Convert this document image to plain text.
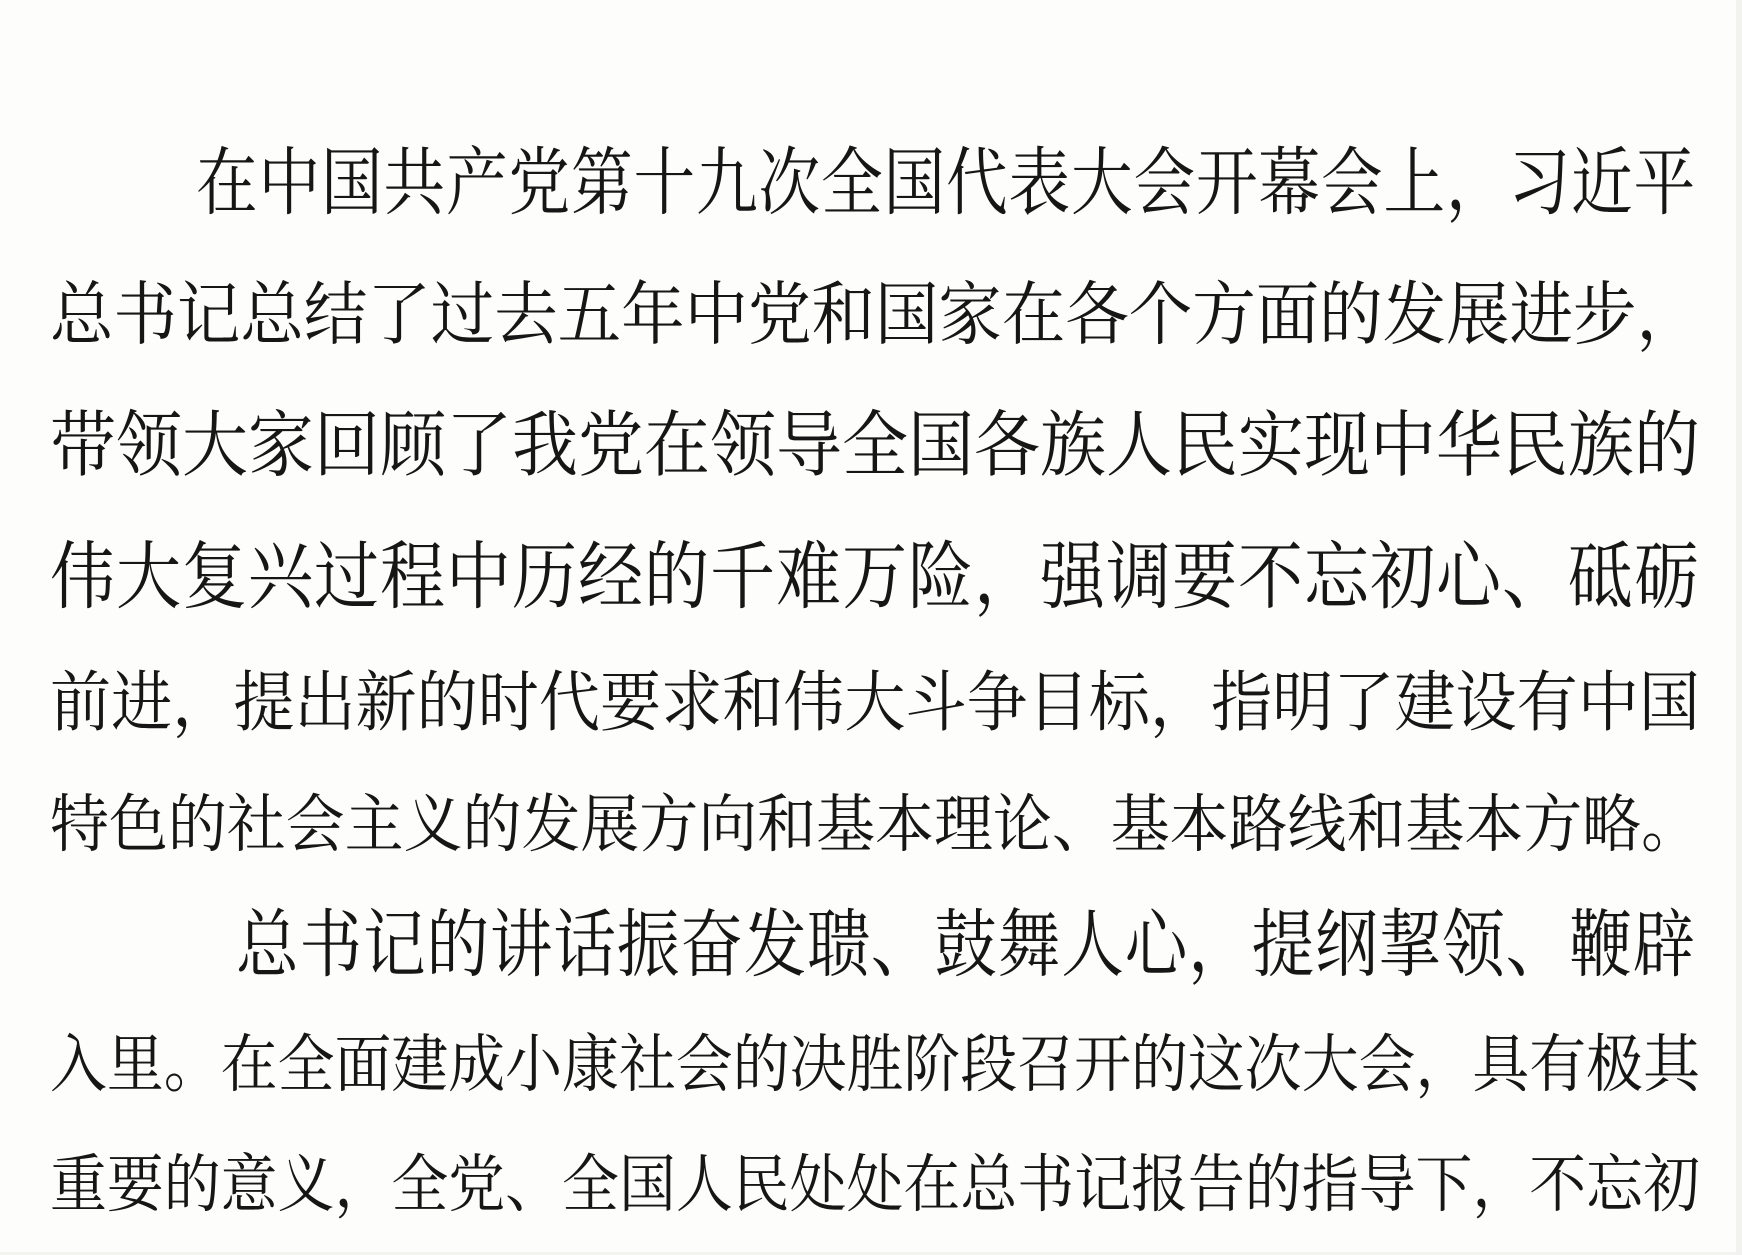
在中国共产党第十九次全国代表大会开幕会上，习近平
总书记总结了过去五年中党和国家在各个方面的发展进步，
带领大家回顾了我党在领导全国各族人民实现中华民族的
伟大复兴过程中历经的千难万险，强调要不忘初心、砥砺
前进，提出新的时代要求和伟大斗争目标，指明了建设有中国
特色的社会主义的发展方向和基本理论、基本路线和基本方略。
总书记的讲话振奋发聩、鼓舞人心，提纲挈领、鞭辟
入里。在全面建成小康社会的决胜阶段召开的这次大会，具有极其
重要的意义，全党、全国人民处处在总书记报告的指导下，不忘初
